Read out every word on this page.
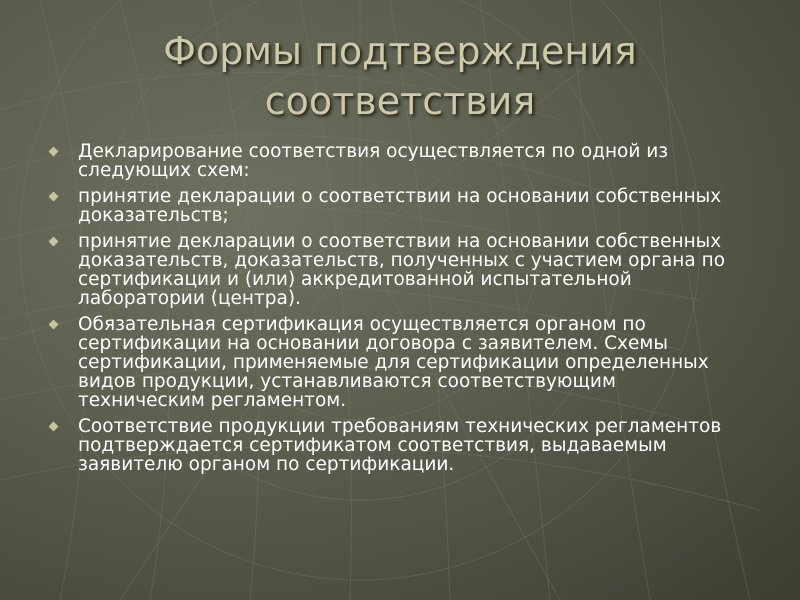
Формы подтверждения
соответствия
Декларирование соответствия осуществляется по одной из следующих схем:
принятие декларации о соответствии на основании собственных доказательств;
принятие декларации о соответствии на основании собственных доказательств, доказательств, полученных с участием органа по сертификации и (или) аккредитованной испытательной лаборатории (центра).
Обязательная сертификация осуществляется органом по сертификации на основании договора с заявителем. Схемы сертификации, применяемые для сертификации определенных видов продукции, устанавливаются соответствующим техническим регламентом.
Соответствие продукции требованиям технических регламентов подтверждается сертификатом соответствия, выдаваемым заявителю органом по сертификации.
